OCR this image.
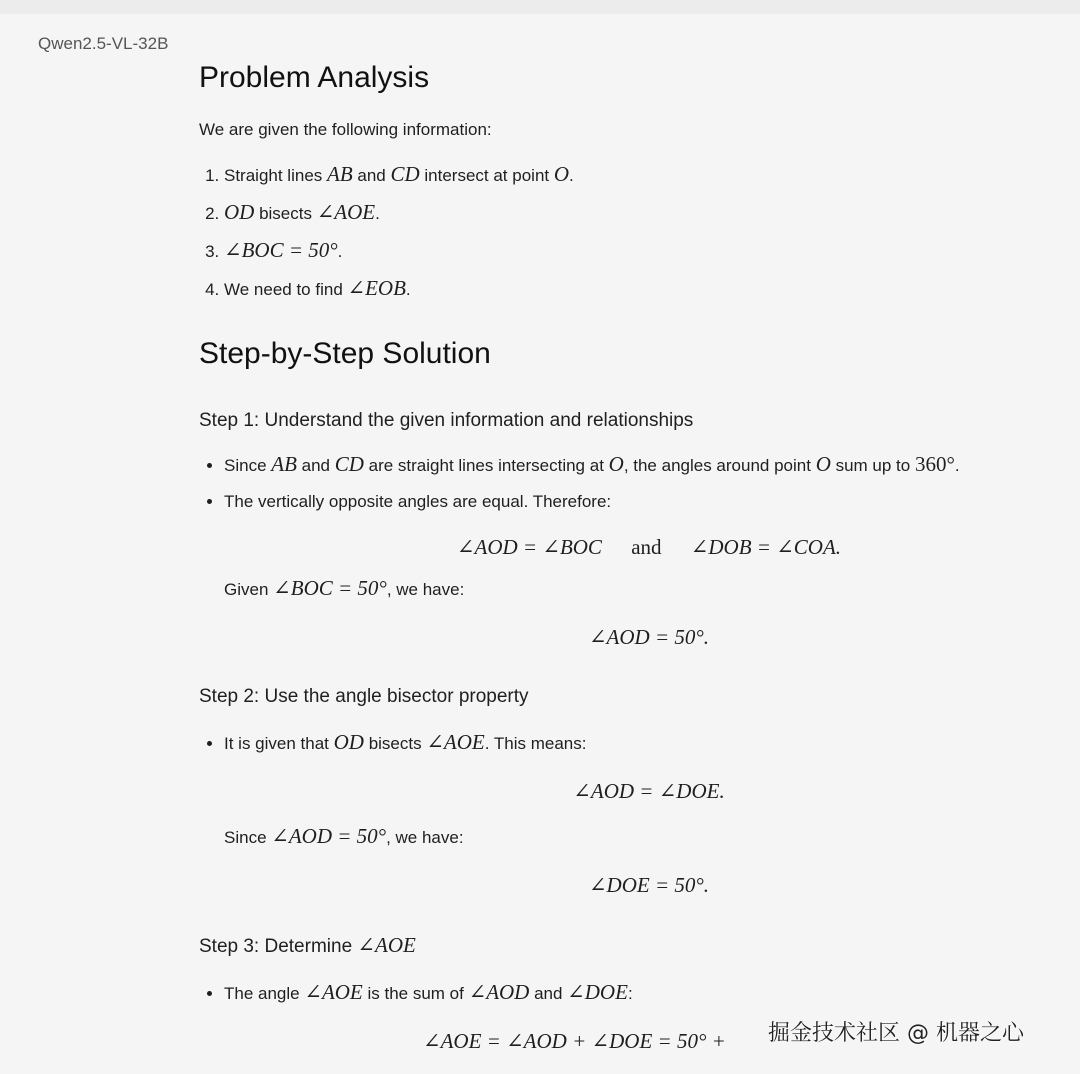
Qwen2.5-VL-32B
Problem Analysis

We are given the following information:

1. Straight lines AB and CD intersect at point O.
2. OD bisects ∠AOE.
3. ∠BOC = 50°.
4. We need to find ∠EOB.
Step-by-Step Solution

Step 1: Understand the given information and relationships

• Since AB and CD are straight lines intersecting at O, the angles around point O sum up to 360°.
• The vertically opposite angles are equal. Therefore:

∠AOD = ∠BOC and ∠DOB = ∠COA.

Given ∠BOC = 50°, we have:

∠AOD = 50°.

Step 2: Use the angle bisector property

• It is given that OD bisects ∠AOE. This means:

∠AOD = ∠DOE.

Since ∠AOD = 50°, we have:

∠DOE = 50°.

Step 3: Determine ∠AOE

• The angle ∠AOE is the sum of ∠AOD and ∠DOE:

∠AOE = ∠AOD + ∠DOE = 50° +	掘金技术社区 @ 机器之心
